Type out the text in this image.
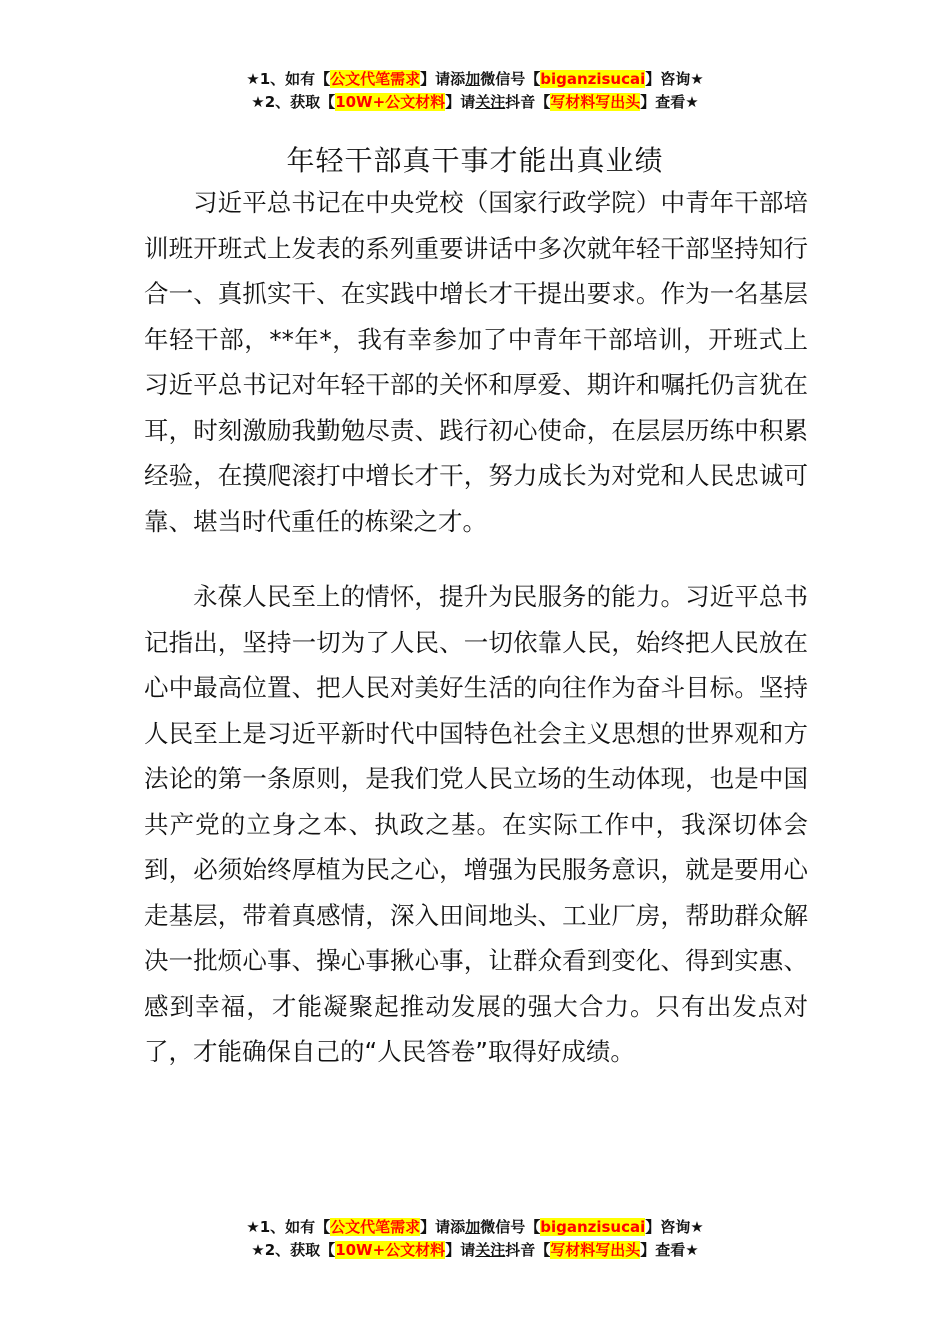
★1、如有【公文代笔需求】请添加微信号【biganzisucai】咨询★
★2、获取【10W+公文材料】请关注抖音【写材料写出头】查看★
年轻干部真干事才能出真业绩

习近平总书记在中央党校（国家行政学院）中青年干部培训班开班式上发表的系列重要讲话中多次就年轻干部坚持知行合一、真抓实干、在实践中增长才干提出要求。作为一名基层年轻干部，**年*，我有幸参加了中青年干部培训，开班式上习近平总书记对年轻干部的关怀和厚爱、期许和嘱托仍言犹在耳，时刻激励我勤勉尽责、践行初心使命，在层层历练中积累经验，在摸爬滚打中增长才干，努力成长为对党和人民忠诚可靠、堪当时代重任的栋梁之才。

永葆人民至上的情怀，提升为民服务的能力。习近平总书记指出，坚持一切为了人民、一切依靠人民，始终把人民放在心中最高位置、把人民对美好生活的向往作为奋斗目标。坚持人民至上是习近平新时代中国特色社会主义思想的世界观和方法论的第一条原则，是我们党人民立场的生动体现，也是中国共产党的立身之本、执政之基。在实际工作中，我深切体会到，必须始终厚植为民之心，增强为民服务意识，就是要用心走基层，带着真感情，深入田间地头、工业厂房，帮助群众解决一批烦心事、操心事揪心事，让群众看到变化、得到实惠、感到幸福，才能凝聚起推动发展的强大合力。只有出发点对了，才能确保自己的“人民答卷”取得好成绩。

★1、如有【公文代笔需求】请添加微信号【biganzisucai】咨询★
★2、获取【10W+公文材料】请关注抖音【写材料写出头】查看★
